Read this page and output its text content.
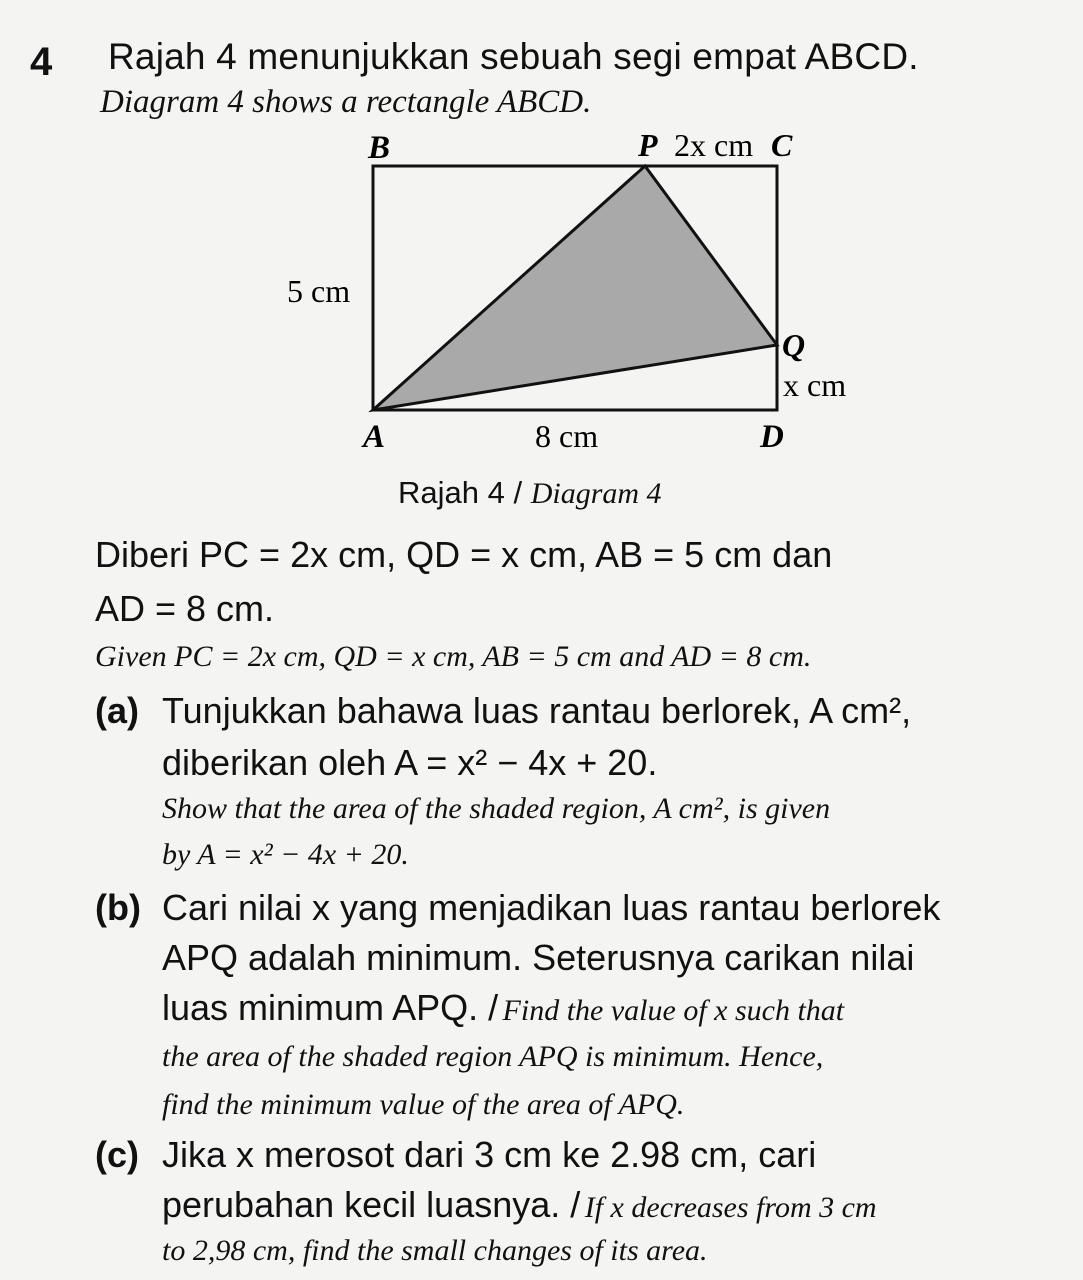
4 Rajah 4 menunjukkan sebuah segi empat ABCD.
Diagram 4 shows a rectangle ABCD.
B	P 2x cm C
5 cm
Q
x cm
A	8 cm	D
Rajah 4 / Diagram 4
Diberi PC = 2x cm, QD = x cm, AB = 5 cm dan
AD = 8 cm.
Given PC = 2x cm, QD = x cm, AB = 5 cm and AD = 8 cm.
(a) Tunjukkan bahawa luas rantau berlorek, A cm²,
diberikan oleh A = x² − 4x + 20.
Show that the area of the shaded region, A cm², is given
by A = x² − 4x + 20.
(b) Cari nilai x yang menjadikan luas rantau berlorek
APQ adalah minimum. Seterusnya carikan nilai
luas minimum APQ. / Find the value of x such that
the area of the shaded region APQ is minimum. Hence,
find the minimum value of the area of APQ.
(c) Jika x merosot dari 3 cm ke 2.98 cm, cari
perubahan kecil luasnya. / If x decreases from 3 cm
to 2,98 cm, find the small changes of its area.
